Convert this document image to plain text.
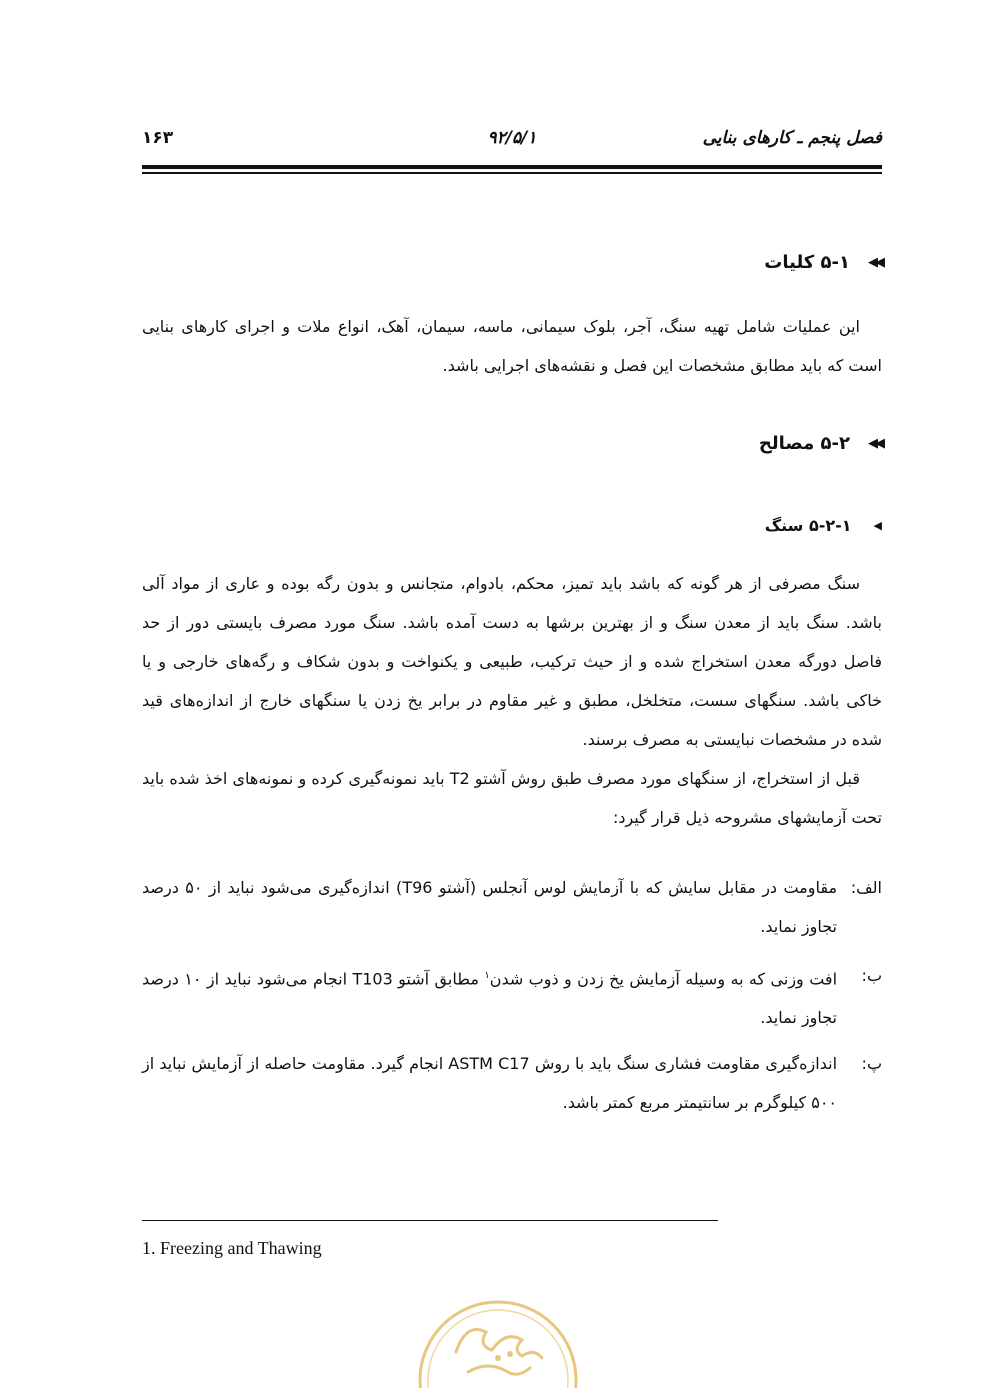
فصل پنجم ـ کارهای بنایی
۹۲/۵/۱
۱۶۳
◀◀
۵-۱ کلیات

این عملیات شامل تهیه سنگ، آجر، بلوک سیمانی، ماسه، سیمان، آهک، انواع ملات و اجرای کارهای بنایی است که باید مطابق مشخصات این فصل و نقشه‌های اجرایی باشد.

◀◀
۵-۲ مصالح
◀
۵-۲-۱ سنگ

سنگ مصرفی از هر گونه که باشد باید تمیز، محکم، بادوام، متجانس و بدون رگه بوده و عاری از مواد آلی باشد. سنگ باید از معدن سنگ و از بهترین برشها به دست آمده باشد. سنگ مورد مصرف بایستی دور از حد فاصل دورگه معدن استخراج شده و از حیث ترکیب، طبیعی و یکنواخت و بدون شکاف و رگه‌های خارجی و یا خاکی باشد. سنگهای سست، متخلخل، مطبق و غیر مقاوم در برابر یخ زدن یا سنگهای خارج از اندازه‌های قید شده در مشخصات نبایستی به مصرف برسند.

قبل از استخراج، از سنگهای مورد مصرف طبق روش آشتو T2 باید نمونه‌گیری کرده و نمونه‌های اخذ شده باید تحت آزمایشهای مشروحه ذیل قرار گیرد:

الف:
مقاومت در مقابل سایش که با آزمایش لوس آنجلس (آشتو T96) اندازه‌گیری می‌شود نباید از ۵۰ درصد تجاوز نماید.
ب:
افت وزنی که به وسیله آزمایش یخ زدن و ذوب شدن$^۱$ مطابق آشتو T103 انجام می‌شود نباید از ۱۰ درصد تجاوز نماید.
پ:
اندازه‌گیری مقاومت فشاری سنگ باید با روش ASTM C17 انجام گیرد. مقاومت حاصله از آزمایش نباید از ۵۰۰ کیلوگرم بر سانتیمتر مربع کمتر باشد.
1. Freezing and Thawing
